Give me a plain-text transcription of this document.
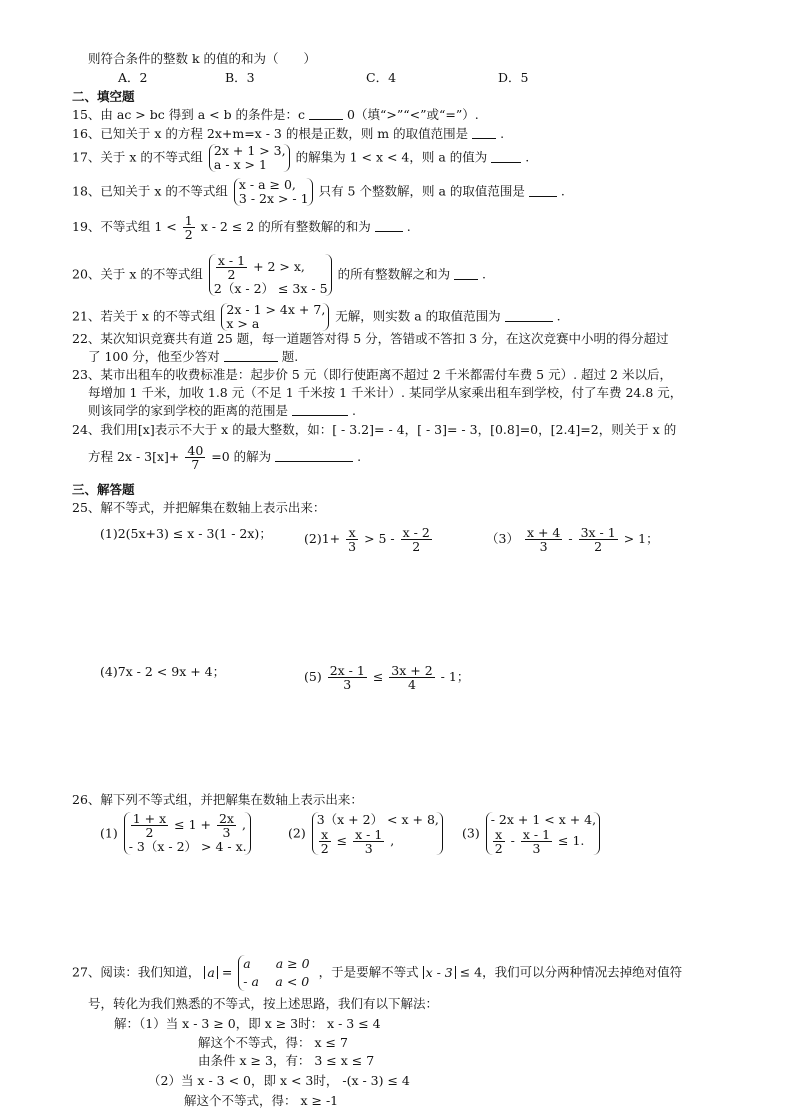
则符合条件的整数 k 的值的和为（　　）
A．2	B．3	C．4	D．5
二、填空题
15、由 ac > bc 得到 a < b 的条件是：c	0（填“>”“<”或“=”）.
16、已知关于 x 的方程 2x+m=x - 3 的根是正数，则 m 的取值范围是	.
17、关于 x 的不等式组 2x + 1 > 3,
a - x > 1	的解集为 1 < x < 4，则 a 的值为	.
18、已知关于 x 的不等式组 x - a ≥ 0,
3 - 2x > - 1 只有 5 个整数解，则 a 的取值范围是	.
19、不等式组 $1 < \frac{1}{2}$ x - 2 ≤ 2 的所有整数解的和为	.
20、关于 x 的不等式组 $\frac{x - 1}{2} + 2 > x$,
2（x - 2） ≤ 3x - 5
的所有整数解之和为	.
21、若关于 x 的不等式组 2x - 1 > 4x + 7,
x > a	无解，则实数 a 的取值范围为	.
22、某次知识竞赛共有道 25 题，每一道题答对得 5 分，答错或不答扣 3 分，在这次竞赛中小明的得分超过
了 100 分，他至少答对	题.
23、某市出租车的收费标准是：起步价 5 元（即行使距离不超过 2 千米都需付车费 5 元）. 超过 2 米以后，
每增加 1 千米，加收 1.8 元（不足 1 千米按 1 千米计）. 某同学从家乘出租车到学校，付了车费 24.8 元，
则该同学的家到学校的距离的范围是	.
24、我们用[x]表示不大于 x 的最大整数，如：[ - 3.2]= - 4，[ - 3]= - 3，[0.8]=0，[2.4]=2，则关于 x 的
方程 $2x - 3[x]+ \frac{40}{7} =0$ 的解为	.
三、解答题
25、解不等式，并把解集在数轴上表示出来：
(1)2(5x+3) ≤ x - 3(1 - 2x)；	$(2)1+ \frac{x}{3} > 5 - \frac{x - 2}{2}$	$(3) \frac{x + 4}{3} - \frac{3x - 1}{2} > 1$；
(4)7x - 2 < 9x + 4；	$(5) \frac{2x - 1}{3} \le \frac{3x + 2}{4} - 1$；
26、解下列不等式组，并把解集在数轴上表示出来：
$(1) \frac{1 + x}{2} \le 1 + \frac{2x}{3}$ ,
- 3（x - 2） > 4 - x.
(2)
3（x + 2） < x + 8,
$\frac{x}{2} \le \frac{x - 1}{3}$ ,	(3)
- 2x + 1 < x + 4,
$\frac{x}{2} - \frac{x - 1}{3} \le 1$.
27、阅读：我们知道， a =
a　　a ≥ 0
- a　 a < 0
，于是要解不等式 x - 3 ≤ 4，我们可以分两种情况去掉绝对值符
号，转化为我们熟悉的不等式，按上述思路，我们有以下解法：
解：（1）当 x - 3 ≥ 0，即 x ≥ 3时： x - 3 ≤ 4
解这个不等式，得： x ≤ 7
由条件 x ≥ 3，有： 3 ≤ x ≤ 7
（2）当 x - 3 < 0，即 x < 3时， -(x - 3) ≤ 4
解这个不等式，得： x ≥ -1
